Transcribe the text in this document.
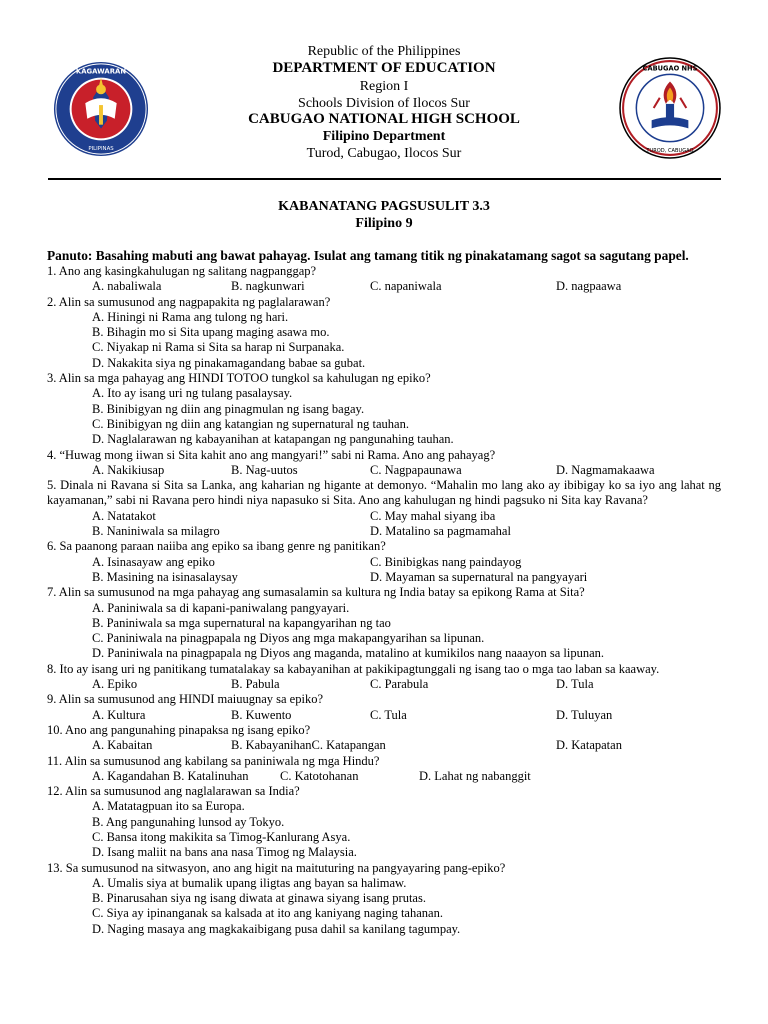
Republic of the Philippines
DEPARTMENT OF EDUCATION
Region I
Schools Division of Ilocos Sur
CABUGAO NATIONAL HIGH SCHOOL
Filipino Department
Turod, Cabugao, Ilocos Sur
KAGAWARAN
PILIPINAS
CABUGAO NHS
TUROD, CABUGAO
KABANATANG PAGSUSULIT 3.3
Filipino 9
Panuto: Basahing mabuti ang bawat pahayag. Isulat ang tamang titik ng pinakatamang sagot sa sagutang papel.
1. Ano ang kasingkahulugan ng salitang nagpanggap?
A. nabaliwala	B. nagkunwari	C. napaniwala	D. nagpaawa
2. Alin sa sumusunod ang nagpapakita ng paglalarawan?
A. Hiningi ni Rama ang tulong ng hari.
B. Bihagin mo si Sita upang maging asawa mo.
C. Niyakap ni Rama si Sita sa harap ni Surpanaka.
D. Nakakita siya ng pinakamagandang babae sa gubat.
3. Alin sa mga pahayag ang HINDI TOTOO tungkol sa kahulugan ng epiko?
A. Ito ay isang uri ng tulang pasalaysay.
B. Binibigyan ng diin ang pinagmulan ng isang bagay.
C. Binibigyan ng diin ang katangian ng supernatural ng tauhan.
D. Naglalarawan ng kabayanihan at katapangan ng pangunahing tauhan.
4. “Huwag mong iiwan si Sita kahit ano ang mangyari!” sabi ni Rama. Ano ang pahayag?
A. Nakikiusap	B. Nag-uutos	C. Nagpapaunawa	D. Nagmamakaawa
5. Dinala ni Ravana si Sita sa Lanka, ang kaharian ng higante at demonyo. “Mahalin mo lang ako ay ibibigay ko sa iyo ang lahat ng kayamanan,” sabi ni Ravana pero hindi niya napasuko si Sita. Ano ang kahulugan ng hindi pagsuko ni Sita kay Ravana?
A. Natatakot	C. May mahal siyang iba
B. Naniniwala sa milagro	D. Matalino sa pagmamahal
6. Sa paanong paraan naiiba ang epiko sa ibang genre ng panitikan?
A. Isinasayaw ang epiko	C. Binibigkas nang paindayog
B. Masining na isinasalaysay	D. Mayaman sa supernatural na pangyayari
7. Alin sa sumusunod na mga pahayag ang sumasalamin sa kultura ng India batay sa epikong Rama at Sita?
A. Paniniwala sa di kapani-paniwalang pangyayari.
B. Paniniwala sa mga supernatural na kapangyarihan ng tao
C. Paniniwala na pinagpapala ng Diyos ang mga makapangyarihan sa lipunan.
D. Paniniwala na pinagpapala ng Diyos ang maganda, matalino at kumikilos nang naaayon sa lipunan.
8. Ito ay isang uri ng panitikang tumatalakay sa kabayanihan at pakikipagtunggali ng isang tao o mga tao laban sa kaaway.
A. Epiko	B. Pabula	C. Parabula	D. Tula
9. Alin sa sumusunod ang HINDI maiuugnay sa epiko?
A. Kultura	B. Kuwento	C. Tula	D. Tuluyan
10. Ano ang pangunahing pinapaksa ng isang epiko?
A. Kabaitan	B. KabayanihanC. Katapangan	D. Katapatan
11. Alin sa sumusunod ang kabilang sa paniniwala ng mga Hindu?
A. Kagandahan B. Katalinuhan	C. Katotohanan	D. Lahat ng nabanggit
12. Alin sa sumusunod ang naglalarawan sa India?
A. Matatagpuan ito sa Europa.
B. Ang pangunahing lunsod ay Tokyo.
C. Bansa itong makikita sa Timog-Kanlurang Asya.
D. Isang maliit na bans ana nasa Timog ng Malaysia.
13. Sa sumusunod na sitwasyon, ano ang higit na maituturing na pangyayaring pang-epiko?
A. Umalis siya at bumalik upang iligtas ang bayan sa halimaw.
B. Pinarusahan siya ng isang diwata at ginawa siyang isang prutas.
C. Siya ay ipinanganak sa kalsada at ito ang kaniyang naging tahanan.
D. Naging masaya ang magkakaibigang pusa dahil sa kanilang tagumpay.
